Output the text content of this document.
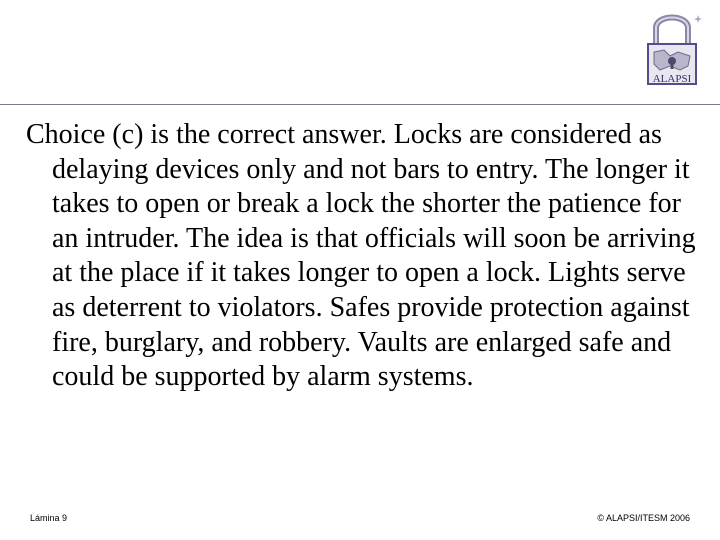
ALAPSI
Choice (c) is the correct answer. Locks are considered as delaying devices only and not bars to entry. The longer it takes to open or break a lock the shorter the patience for an intruder. The idea is that officials will soon be arriving at the place if it takes longer to open a lock. Lights serve as deterrent to violators. Safes provide protection against fire, burglary, and robbery. Vaults are enlarged safe and could be supported by alarm systems.
Lámina 9	© ALAPSI/ITESM 2006
